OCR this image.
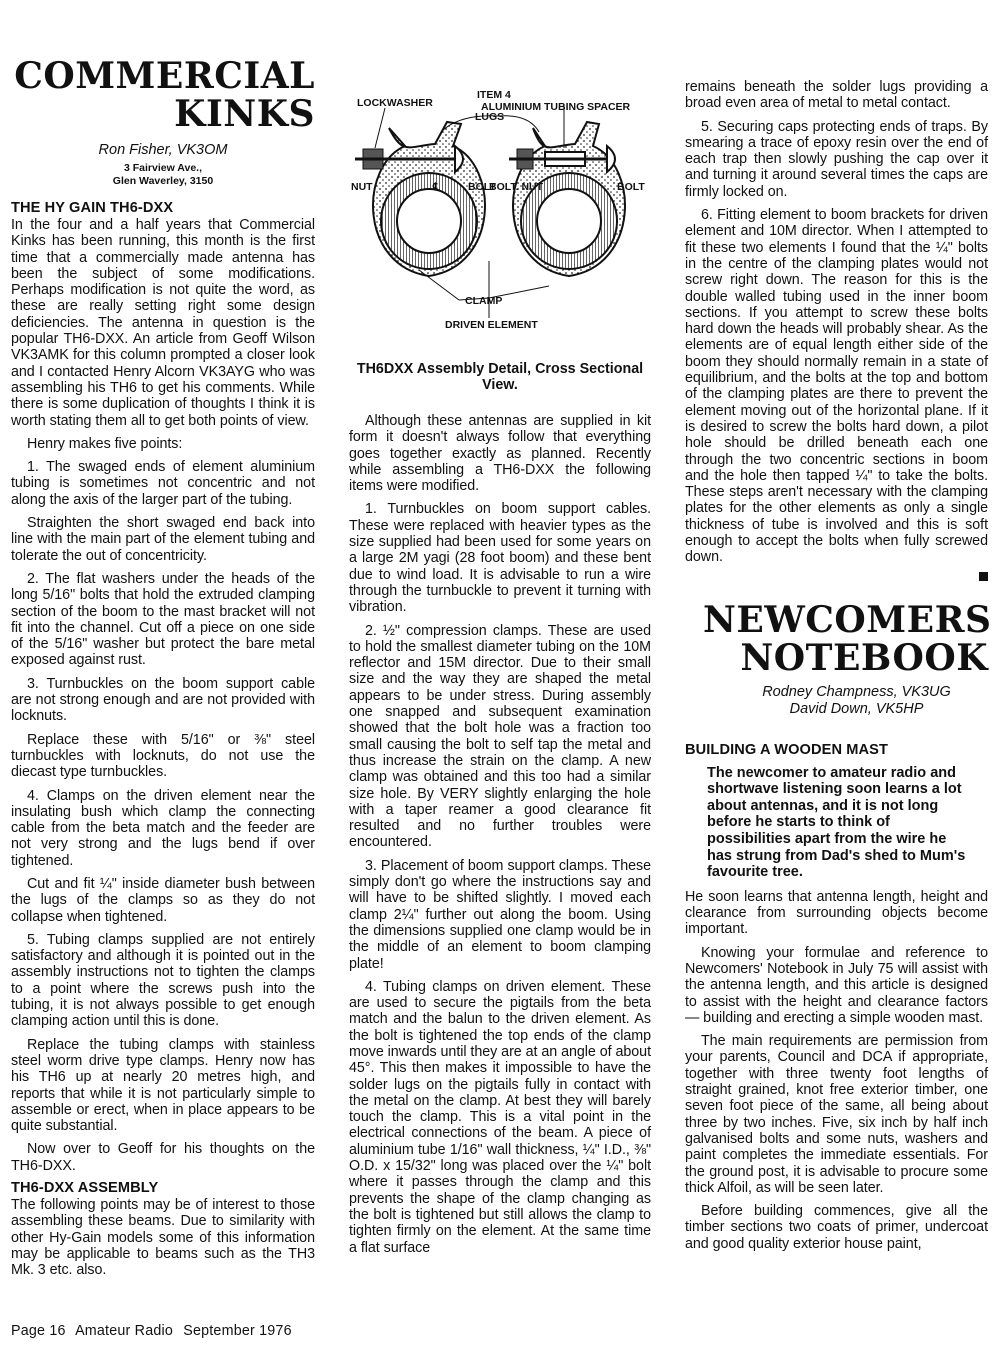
COMMERCIAL

KINKS

Ron Fisher, VK3OM

3 Fairview Ave.,

Glen Waverley, 3150

THE HY GAIN TH6-DXX

In the four and a half years that Commercial Kinks has been running, this month is the first time that a commercially made antenna has been the subject of some modifications. Perhaps modification is not quite the word, as these are really setting right some design deficiencies. The antenna in question is the popular TH6-DXX. An article from Geoff Wilson VK3AMK for this column prompted a closer look and I contacted Henry Alcorn VK3AYG who was assembling his TH6 to get his comments. While there is some duplication of thoughts I think it is worth stating them all to get both points of view.

Henry makes five points:

1. The swaged ends of element aluminium tubing is sometimes not concentric and not along the axis of the larger part of the tubing.

Straighten the short swaged end back into line with the main part of the element tubing and tolerate the out of concentricity.

2. The flat washers under the heads of the long 5/16" bolts that hold the extruded clamping section of the boom to the mast bracket will not fit into the channel. Cut off a piece on one side of the 5/16" washer but protect the bare metal exposed against rust.

3. Turnbuckles on the boom support cable are not strong enough and are not provided with locknuts.

Replace these with 5/16" or ⅜" steel turnbuckles with locknuts, do not use the diecast type turnbuckles.

4. Clamps on the driven element near the insulating bush which clamp the connecting cable from the beta match and the feeder are not very strong and the lugs bend if over tightened.

Cut and fit ¼" inside diameter bush between the lugs of the clamps so as they do not collapse when tightened.

5. Tubing clamps supplied are not entirely satisfactory and although it is pointed out in the assembly instructions not to tighten the clamps to a point where the screws push into the tubing, it is not always possible to get enough clamping action until this is done.

Replace the tubing clamps with stainless steel worm drive type clamps. Henry now has his TH6 up at nearly 20 metres high, and reports that while it is not particularly simple to assemble or erect, when in place appears to be quite substantial.

Now over to Geoff for his thoughts on the TH6-DXX.

TH6-DXX ASSEMBLY

The following points may be of interest to those assembling these beams. Due to similarity with other Hy-Gain models some of this information may be applicable to beams such as the TH3 Mk. 3 etc. also.

ITEM 4
ALUMINIUM TUBING SPACER
LOCKWASHER
LUGS
NUT	BOLT
BOLT. NUT	BOLT
℄
CLAMP
DRIVEN ELEMENT

TH6DXX Assembly Detail, Cross Sectional View.

Although these antennas are supplied in kit form it doesn't always follow that everything goes together exactly as planned. Recently while assembling a TH6-DXX the following items were modified.

1. Turnbuckles on boom support cables. These were replaced with heavier types as the size supplied had been used for some years on a large 2M yagi (28 foot boom) and these bent due to wind load. It is advisable to run a wire through the turnbuckle to prevent it turning with vibration.

2. ½" compression clamps. These are used to hold the smallest diameter tubing on the 10M reflector and 15M director. Due to their small size and the way they are shaped the metal appears to be under stress. During assembly one snapped and subsequent examination showed that the bolt hole was a fraction too small causing the bolt to self tap the metal and thus increase the strain on the clamp. A new clamp was obtained and this too had a similar size hole. By VERY slightly enlarging the hole with a taper reamer a good clearance fit resulted and no further troubles were encountered.

3. Placement of boom support clamps. These simply don't go where the instructions say and will have to be shifted slightly. I moved each clamp 2¼" further out along the boom. Using the dimensions supplied one clamp would be in the middle of an element to boom clamping plate!

4. Tubing clamps on driven element. These are used to secure the pigtails from the beta match and the balun to the driven element. As the bolt is tightened the top ends of the clamp move inwards until they are at an angle of about 45°. This then makes it impossible to have the solder lugs on the pigtails fully in contact with the metal on the clamp. At best they will barely touch the clamp. This is a vital point in the electrical connections of the beam. A piece of aluminium tube 1/16" wall thickness, ¼" I.D., ⅜" O.D. x 15/32" long was placed over the ¼" bolt where it passes through the clamp and this prevents the shape of the clamp changing as the bolt is tightened but still allows the clamp to tighten firmly on the element. At the same time a flat surface

remains beneath the solder lugs providing a broad even area of metal to metal contact.

5. Securing caps protecting ends of traps. By smearing a trace of epoxy resin over the end of each trap then slowly pushing the cap over it and turning it around several times the caps are firmly locked on.

6. Fitting element to boom brackets for driven element and 10M director. When I attempted to fit these two elements I found that the ¼" bolts in the centre of the clamping plates would not screw right down. The reason for this is the double walled tubing used in the inner boom sections. If you attempt to screw these bolts hard down the heads will probably shear. As the elements are of equal length either side of the boom they should normally remain in a state of equilibrium, and the bolts at the top and bottom of the clamping plates are there to prevent the element moving out of the horizontal plane. If it is desired to screw the bolts hard down, a pilot hole should be drilled beneath each one through the two concentric sections in boom and the hole then tapped ¼" to take the bolts. These steps aren't necessary with the clamping plates for the other elements as only a single thickness of tube is involved and this is soft enough to accept the bolts when fully screwed down.

NEWCOMERS

NOTEBOOK

Rodney Champness, VK3UG

David Down, VK5HP

BUILDING A WOODEN MAST

The newcomer to amateur radio and shortwave listening soon learns a lot about antennas, and it is not long before he starts to think of possibilities apart from the wire he has strung from Dad's shed to Mum's favourite tree.

He soon learns that antenna length, height and clearance from surrounding objects become important.

Knowing your formulae and reference to Newcomers' Notebook in July 75 will assist with the antenna length, and this article is designed to assist with the height and clearance factors — building and erecting a simple wooden mast.

The main requirements are permission from your parents, Council and DCA if appropriate, together with three twenty foot lengths of straight grained, knot free exterior timber, one seven foot piece of the same, all being about three by two inches. Five, six inch by half inch galvanised bolts and some nuts, washers and paint completes the immediate essentials. For the ground post, it is advisable to procure some thick Alfoil, as will be seen later.

Before building commences, give all the timber sections two coats of primer, undercoat and good quality exterior house paint,

Page 16 Amateur Radio September 1976
